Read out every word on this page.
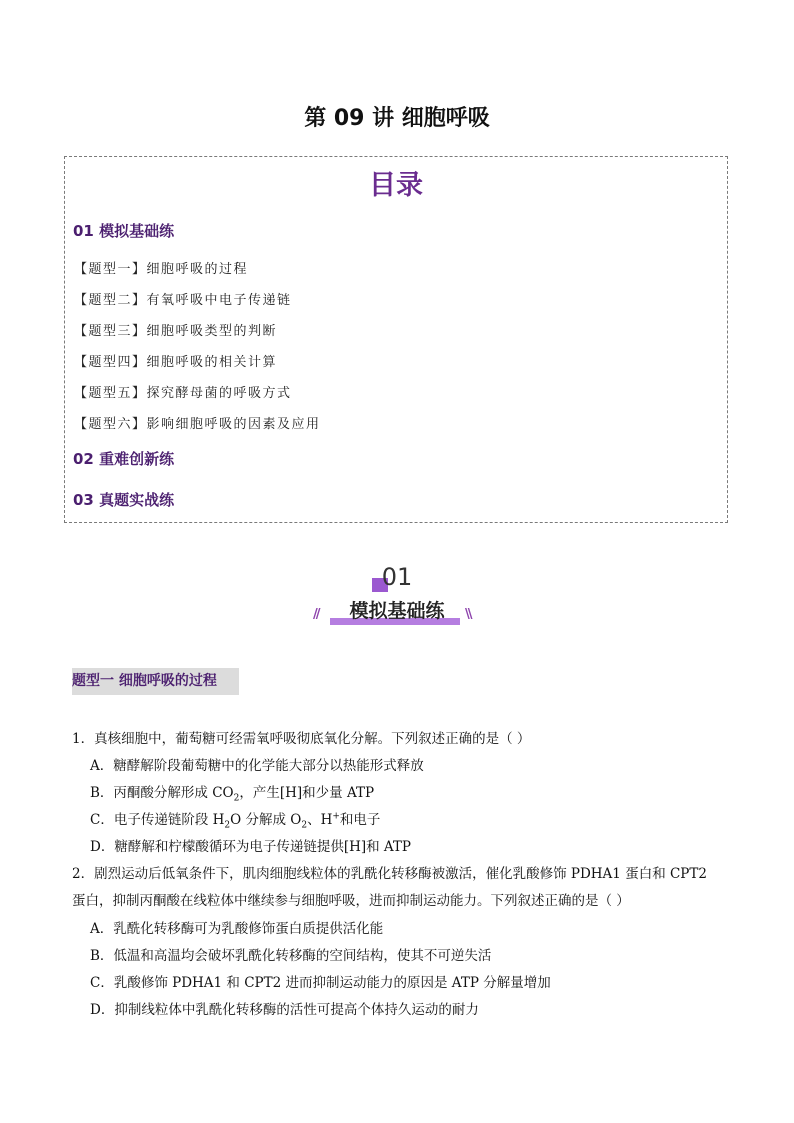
第 09 讲 细胞呼吸
目录
01 模拟基础练
【题型一】细胞呼吸的过程
【题型二】有氧呼吸中电子传递链
【题型三】细胞呼吸类型的判断
【题型四】细胞呼吸的相关计算
【题型五】探究酵母菌的呼吸方式
【题型六】影响细胞呼吸的因素及应用
02 重难创新练
03 真题实战练
01
模拟基础练
//	\\
题型一 细胞呼吸的过程
1．真核细胞中，葡萄糖可经需氧呼吸彻底氧化分解。下列叙述正确的是（ ）
A．糖酵解阶段葡萄糖中的化学能大部分以热能形式释放
B．丙酮酸分解形成 $CO_2$，产生[H]和少量 ATP
C．电子传递链阶段 $H_2O$ 分解成 $O_2$、H+和电子
D．糖酵解和柠檬酸循环为电子传递链提供[H]和 ATP
2．剧烈运动后低氧条件下，肌肉细胞线粒体的乳酰化转移酶被激活，催化乳酸修饰 PDHA1 蛋白和 CPT2
蛋白，抑制丙酮酸在线粒体中继续参与细胞呼吸，进而抑制运动能力。下列叙述正确的是（ ）
A．乳酰化转移酶可为乳酸修饰蛋白质提供活化能
B．低温和高温均会破坏乳酰化转移酶的空间结构，使其不可逆失活
C．乳酸修饰 PDHA1 和 CPT2 进而抑制运动能力的原因是 ATP 分解量增加
D．抑制线粒体中乳酰化转移酶的活性可提高个体持久运动的耐力
